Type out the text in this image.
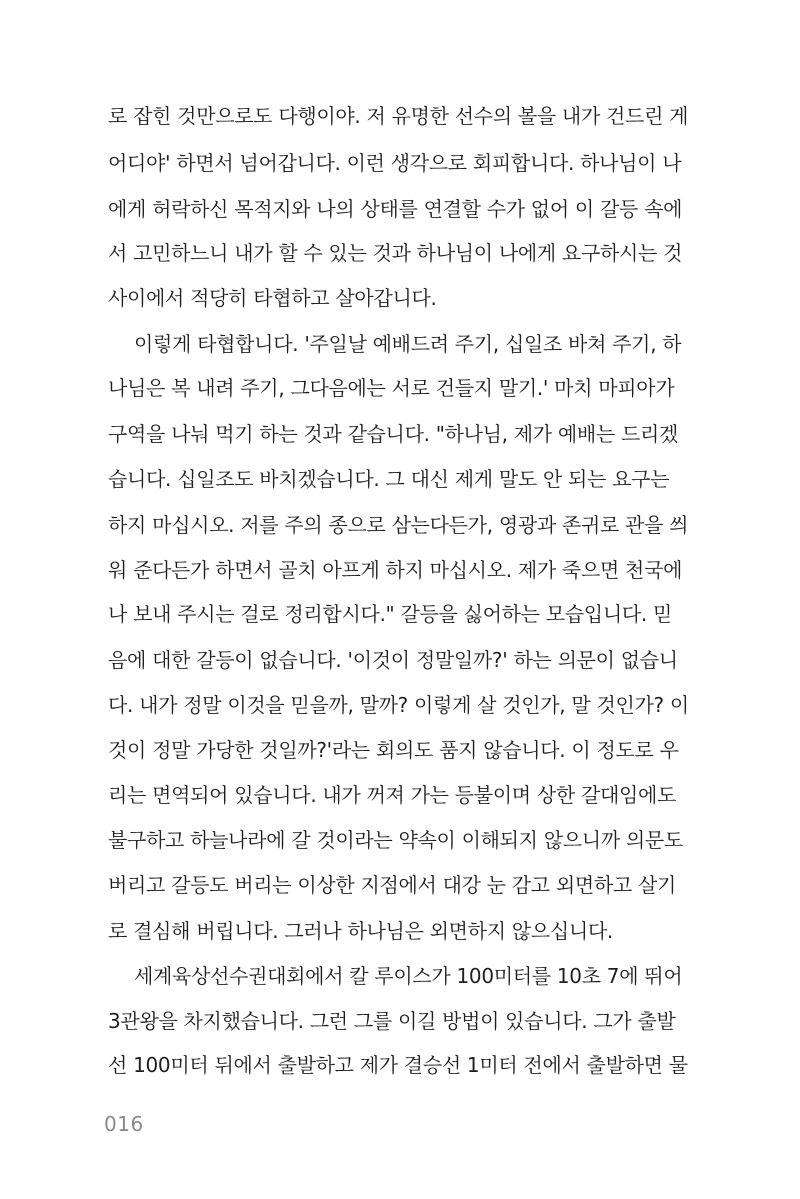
로 잡힌 것만으로도 다행이야. 저 유명한 선수의 볼을 내가 건드린 게
어디야' 하면서 넘어갑니다. 이런 생각으로 회피합니다. 하나님이 나
에게 허락하신 목적지와 나의 상태를 연결할 수가 없어 이 갈등 속에
서 고민하느니 내가 할 수 있는 것과 하나님이 나에게 요구하시는 것
사이에서 적당히 타협하고 살아갑니다.
이렇게 타협합니다. '주일날 예배드려 주기, 십일조 바쳐 주기, 하
나님은 복 내려 주기, 그다음에는 서로 건들지 말기.' 마치 마피아가
구역을 나눠 먹기 하는 것과 같습니다. "하나님, 제가 예배는 드리겠
습니다. 십일조도 바치겠습니다. 그 대신 제게 말도 안 되는 요구는
하지 마십시오. 저를 주의 종으로 삼는다든가, 영광과 존귀로 관을 씌
워 준다든가 하면서 골치 아프게 하지 마십시오. 제가 죽으면 천국에
나 보내 주시는 걸로 정리합시다." 갈등을 싫어하는 모습입니다. 믿
음에 대한 갈등이 없습니다. '이것이 정말일까?' 하는 의문이 없습니
다. 내가 정말 이것을 믿을까, 말까? 이렇게 살 것인가, 말 것인가? 이
것이 정말 가당한 것일까?'라는 회의도 품지 않습니다. 이 정도로 우
리는 면역되어 있습니다. 내가 꺼져 가는 등불이며 상한 갈대임에도
불구하고 하늘나라에 갈 것이라는 약속이 이해되지 않으니까 의문도
버리고 갈등도 버리는 이상한 지점에서 대강 눈 감고 외면하고 살기
로 결심해 버립니다. 그러나 하나님은 외면하지 않으십니다.
세계육상선수권대회에서 칼 루이스가 100미터를 10초 7에 뛰어
3관왕을 차지했습니다. 그런 그를 이길 방법이 있습니다. 그가 출발
선 100미터 뒤에서 출발하고 제가 결승선 1미터 전에서 출발하면 물
016
